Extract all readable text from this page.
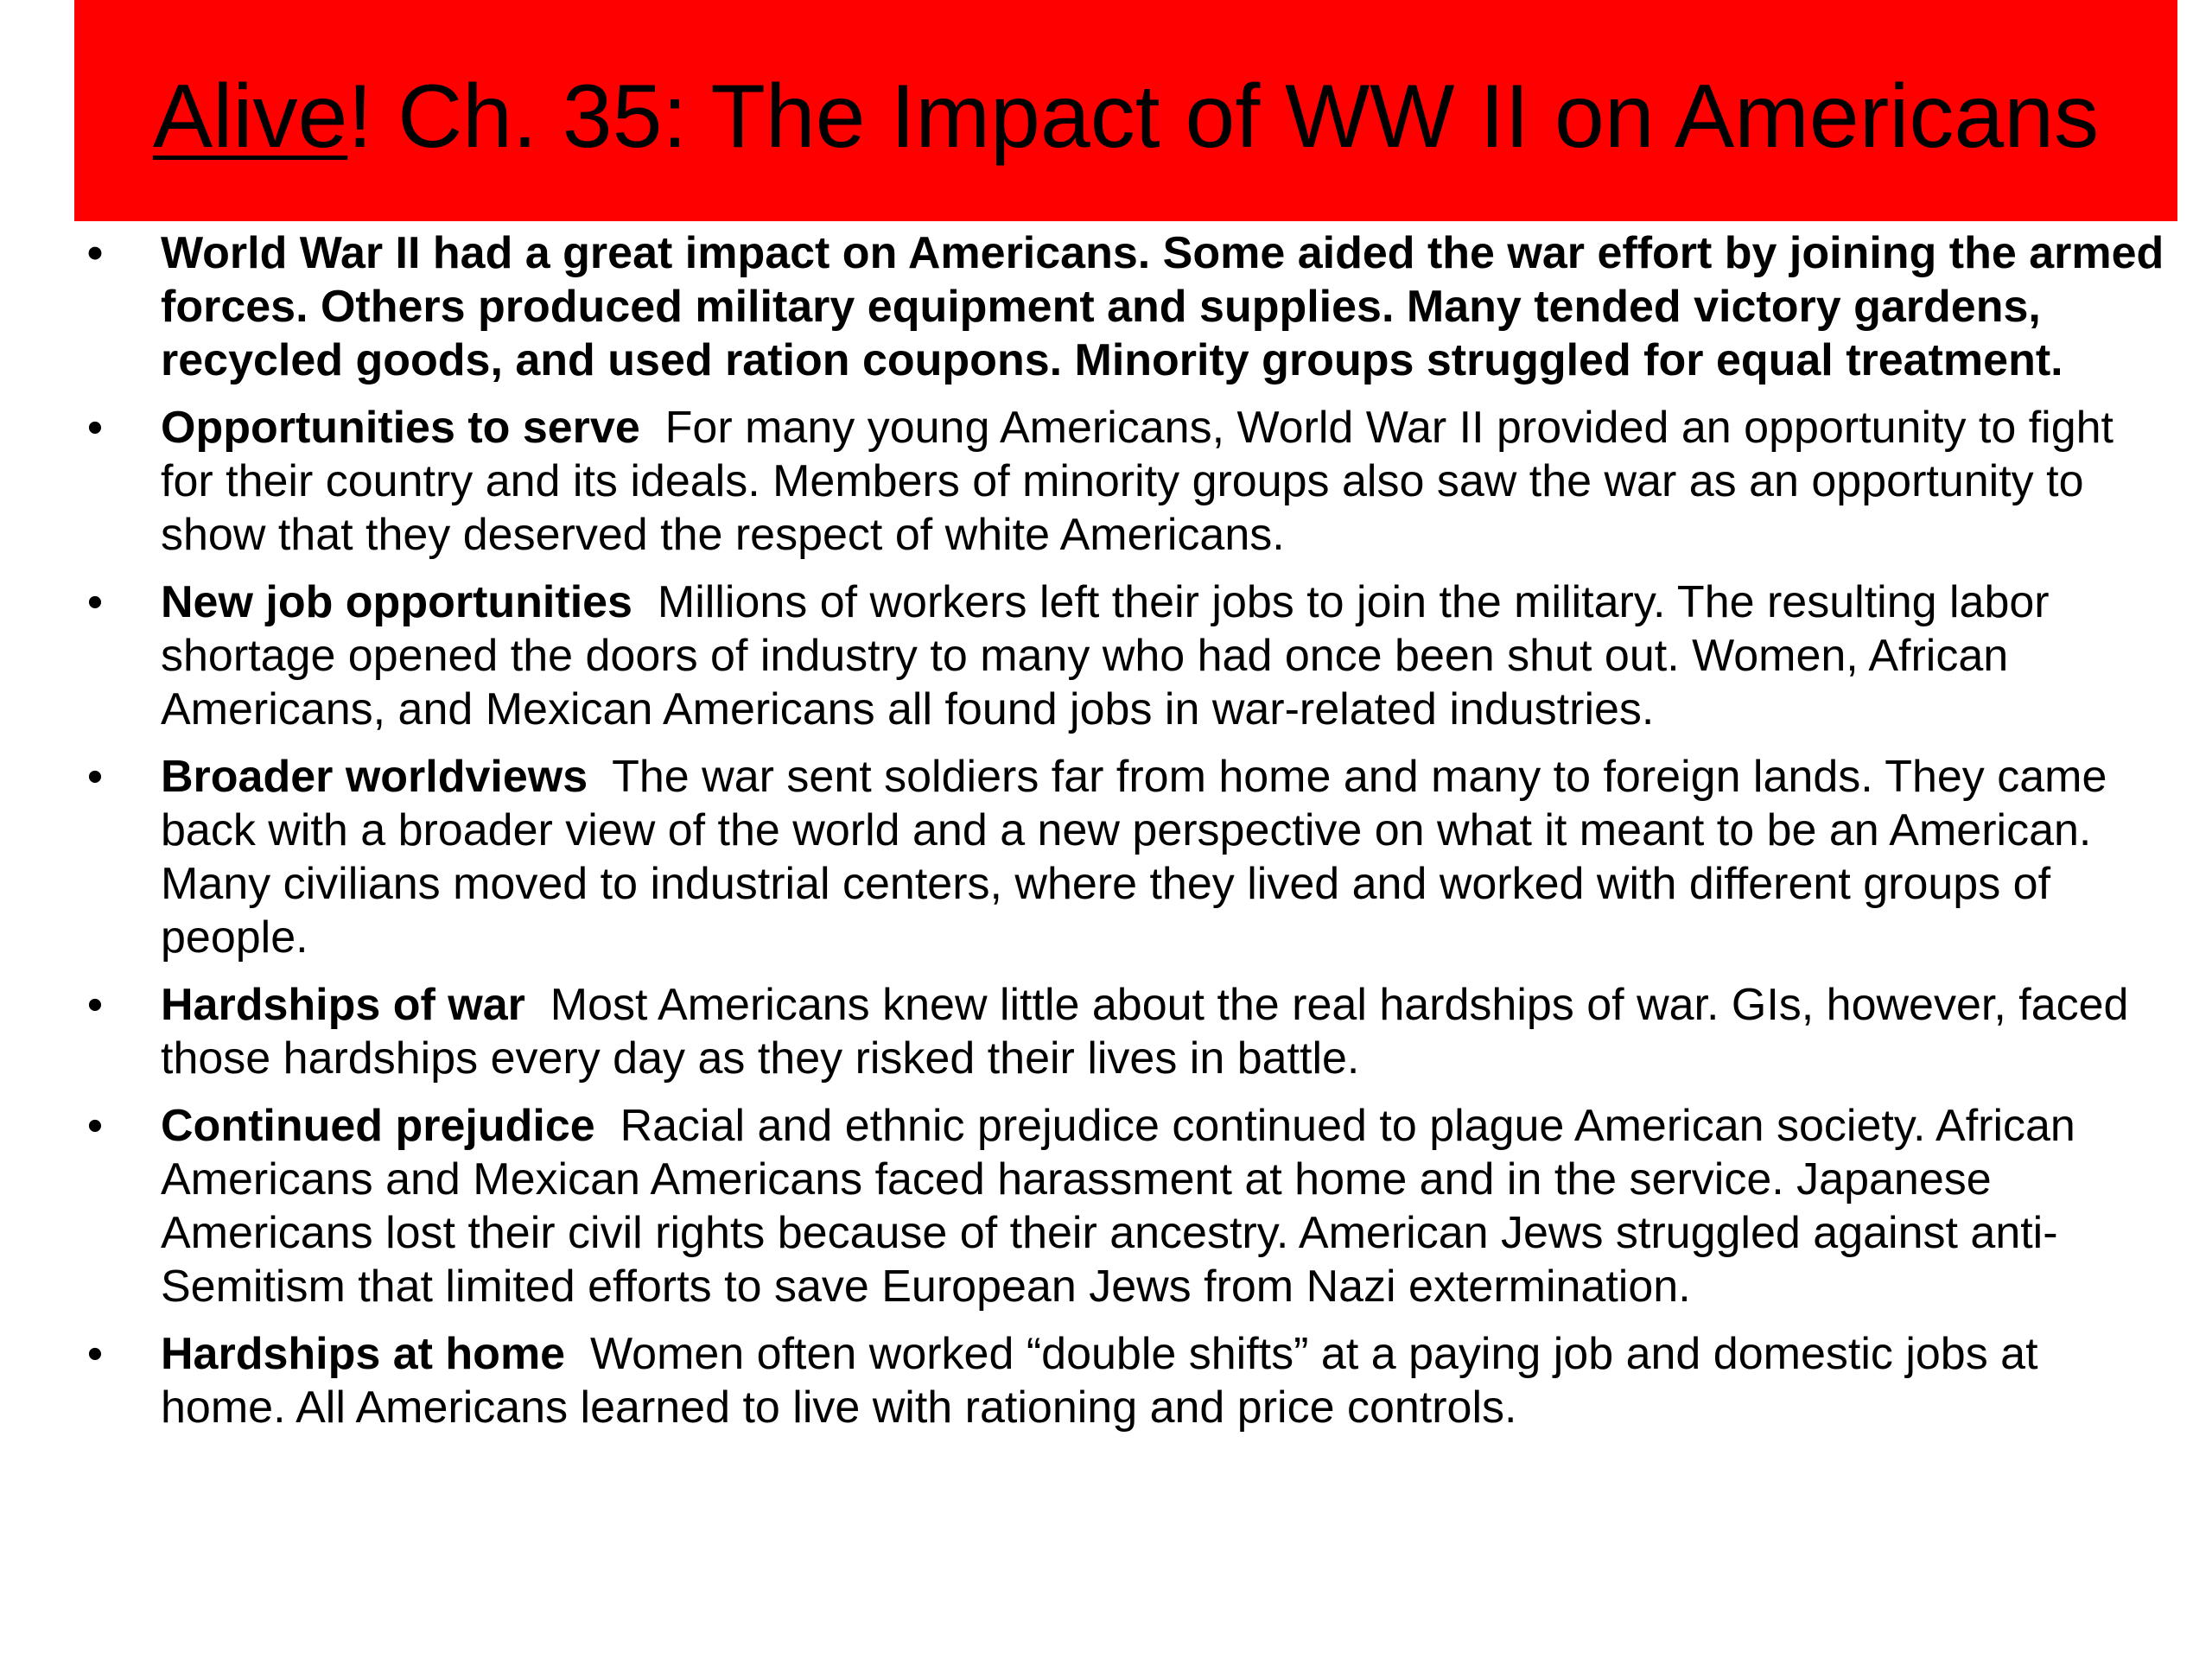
Alive! Ch. 35: The Impact of WW II on Americans
• World War II had a great impact on Americans. Some aided the war effort by joining the armed forces. Others produced military equipment and supplies. Many tended victory gardens, recycled goods, and used ration coupons. Minority groups struggled for equal treatment.
• Opportunities to serve  For many young Americans, World War II provided an opportunity to fight for their country and its ideals. Members of minority groups also saw the war as an opportunity to show that they deserved the respect of white Americans.
• New job opportunities  Millions of workers left their jobs to join the military. The resulting labor shortage opened the doors of industry to many who had once been shut out. Women, African Americans, and Mexican Americans all found jobs in war-related industries.
• Broader worldviews  The war sent soldiers far from home and many to foreign lands. They came back with a broader view of the world and a new perspective on what it meant to be an American. Many civilians moved to industrial centers, where they lived and worked with different groups of people.
• Hardships of war  Most Americans knew little about the real hardships of war. GIs, however, faced those hardships every day as they risked their lives in battle.
• Continued prejudice  Racial and ethnic prejudice continued to plague American society. African Americans and Mexican Americans faced harassment at home and in the service. Japanese Americans lost their civil rights because of their ancestry. American Jews struggled against anti-Semitism that limited efforts to save European Jews from Nazi extermination.
• Hardships at home  Women often worked “double shifts” at a paying job and domestic jobs at home. All Americans learned to live with rationing and price controls.
